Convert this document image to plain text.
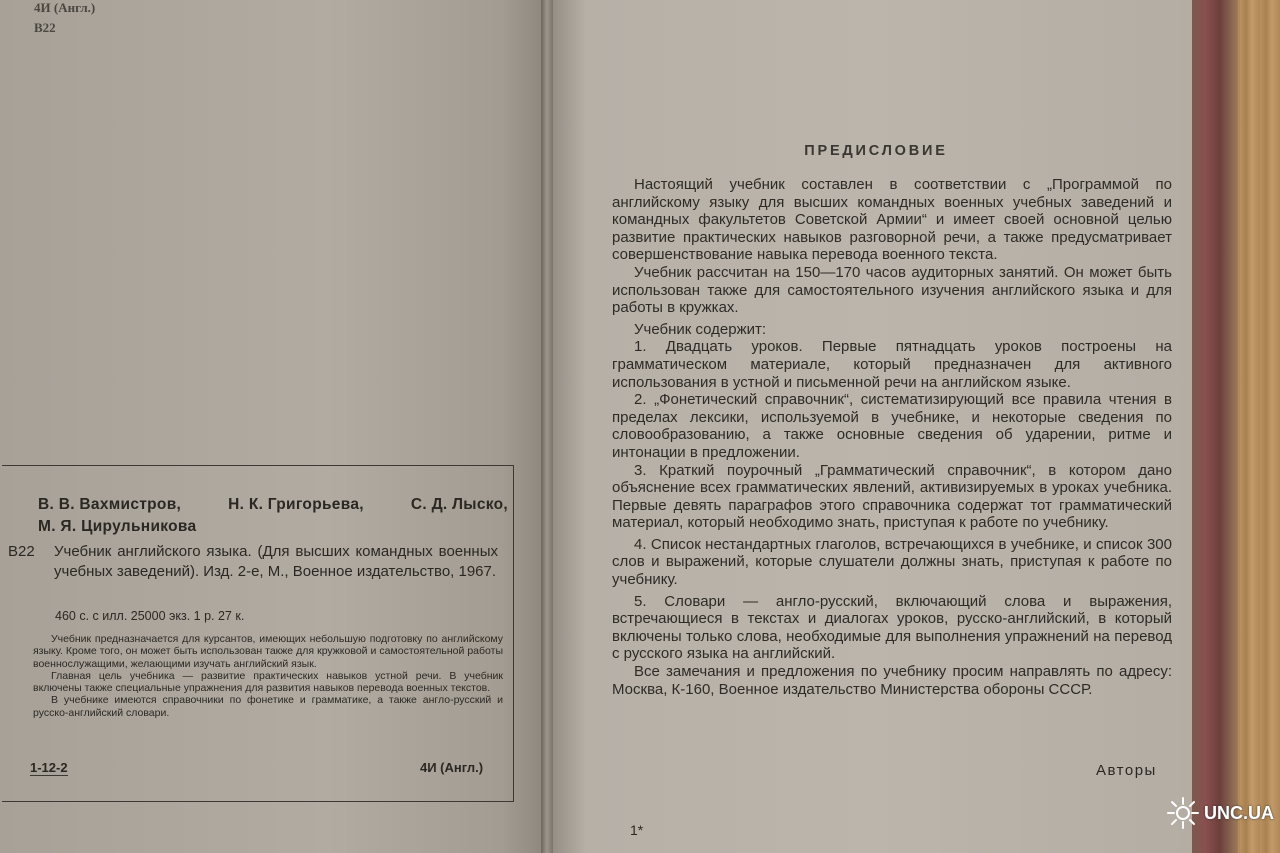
4И (Англ.)
В22
В. В. Вахмистров,	Н. К. Григорьева,	С. Д. Лыско,
М. Я. Цирульникова
В22 Учебник английского языка. (Для высших командных военных учебных заведений). Изд. 2-е, М., Военное издательство, 1967.
460 с. с илл. 25000 экз. 1 р. 27 к.

Учебник предназначается для курсантов, имеющих небольшую подготовку по английскому языку. Кроме того, он может быть использован также для кружковой и самостоятельной работы военнослужащими, желающими изучать английский язык.

Главная цель учебника — развитие практических навыков устной речи. В учебник включены также специальные упражнения для развития навыков перевода военных текстов.

В учебнике имеются справочники по фонетике и грамматике, а также англо-русский и русско-английский словари.

1-12-2	4И (Англ.)
ПРЕДИСЛОВИЕ

Настоящий учебник составлен в соответствии с „Программой по английскому языку для высших командных военных учебных заведений и командных факультетов Советской Армии“ и имеет своей основной целью развитие практических навыков разговорной речи, а также предусматривает совершенствование навыка перевода военного текста.

Учебник рассчитан на 150—170 часов аудиторных занятий. Он может быть использован также для самостоятельного изучения английского языка и для работы в кружках.

Учебник содержит:

1. Двадцать уроков. Первые пятнадцать уроков построены на грамматическом материале, который предназначен для активного использования в устной и письменной речи на английском языке.

2. „Фонетический справочник“, систематизирующий все правила чтения в пределах лексики, используемой в учебнике, и некоторые сведения по словообразованию, а также основные сведения об ударении, ритме и интонации в предложении.

3. Краткий поурочный „Грамматический справочник“, в котором дано объяснение всех грамматических явлений, активизируемых в уроках учебника. Первые девять параграфов этого справочника содержат тот грамматический материал, который необходимо знать, приступая к работе по учебнику.

4. Список нестандартных глаголов, встречающихся в учебнике, и список 300 слов и выражений, которые слушатели должны знать, приступая к работе по учебнику.

5. Словари — англо-русский, включающий слова и выражения, встречающиеся в текстах и диалогах уроков, русско-английский, в который включены только слова, необходимые для выполнения упражнений на перевод с русского языка на английский.

Все замечания и предложения по учебнику просим направлять по адресу: Москва, К-160, Военное издательство Министерства обороны СССР.

Авторы
1*
UNC.UA
